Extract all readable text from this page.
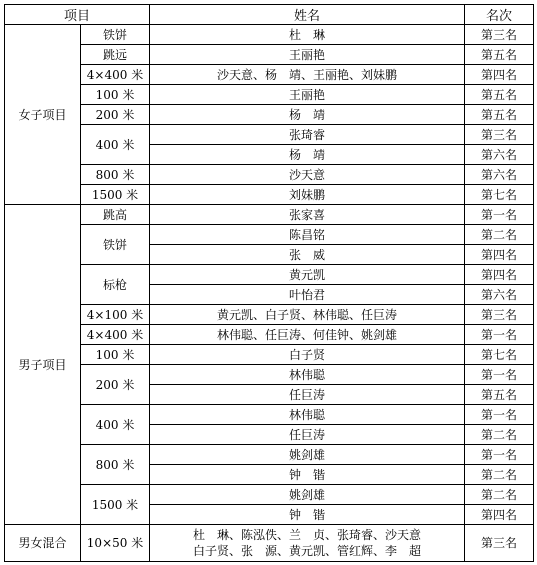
项目		姓名	名次
女子项目	铁饼	杜　琳	第三名
	跳远	王丽艳	第五名
	4×400 米	沙天意、杨　靖、王丽艳、刘妹鹏	第四名
	100 米	王丽艳	第五名
	200 米	杨　靖	第五名
	400 米	张琦睿	第三名
		杨　靖	第六名
	800 米	沙天意	第六名
	1500 米	刘妹鹏	第七名
男子项目	跳高	张家喜	第一名
	铁饼	陈昌铭	第二名
		张　威	第四名
	标枪	黄元凯	第四名
		叶怡君	第六名
	4×100 米	黄元凯、白子贤、林伟聪、任巨涛	第三名
	4×400 米	林伟聪、任巨涛、何佳钟、姚剑雄	第一名
	100 米	白子贤	第七名
	200 米	林伟聪	第一名
		任巨涛	第五名
	400 米	林伟聪	第一名
		任巨涛	第二名
	800 米	姚剑雄	第一名
		钟　锴	第二名
	1500 米	姚剑雄	第二名
		钟　锴	第四名
男女混合	10×50 米	杜　琳、陈泓佚、兰　贞、张琦睿、沙天意
白子贤、张　源、黄元凯、管红辉、李　超	第三名
